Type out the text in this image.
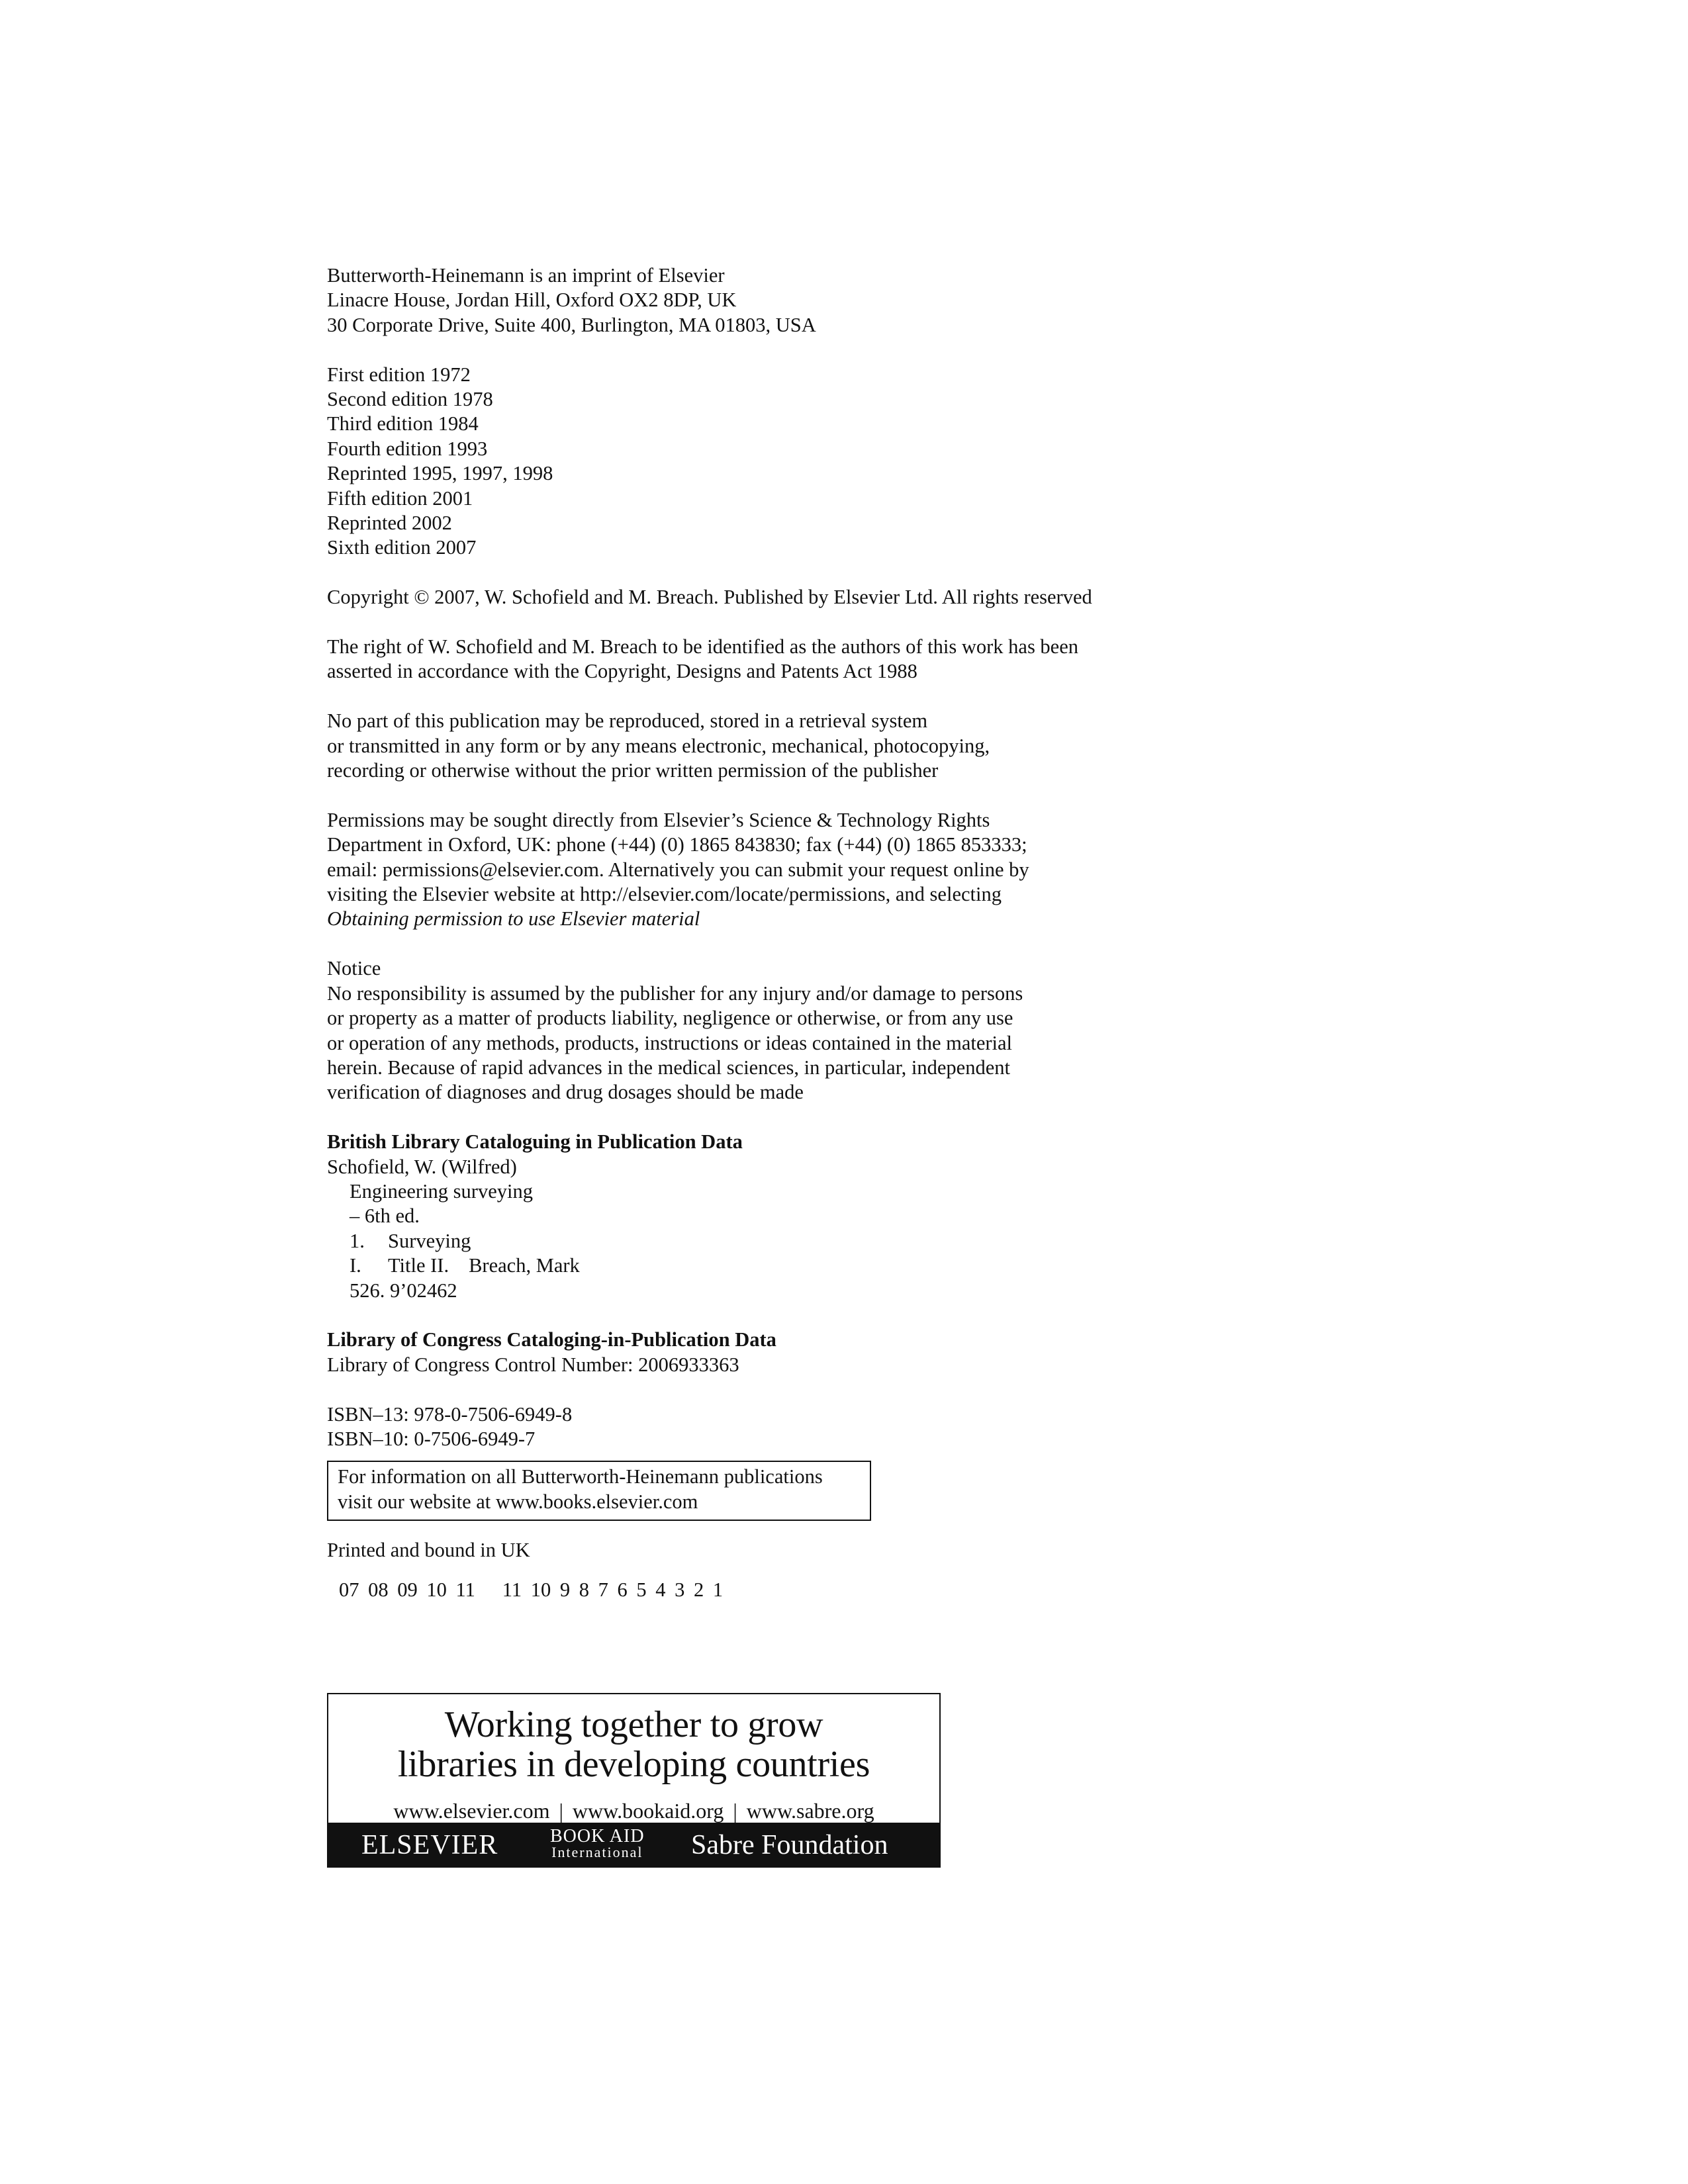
Butterworth-Heinemann is an imprint of Elsevier
Linacre House, Jordan Hill, Oxford OX2 8DP, UK
30 Corporate Drive, Suite 400, Burlington, MA 01803, USA
First edition 1972
Second edition 1978
Third edition 1984
Fourth edition 1993
Reprinted 1995, 1997, 1998
Fifth edition 2001
Reprinted 2002
Sixth edition 2007
Copyright © 2007, W. Schofield and M. Breach. Published by Elsevier Ltd. All rights reserved
The right of W. Schofield and M. Breach to be identified as the authors of this work has been
asserted in accordance with the Copyright, Designs and Patents Act 1988
No part of this publication may be reproduced, stored in a retrieval system
or transmitted in any form or by any means electronic, mechanical, photocopying,
recording or otherwise without the prior written permission of the publisher
Permissions may be sought directly from Elsevier’s Science & Technology Rights
Department in Oxford, UK: phone (+44) (0) 1865 843830; fax (+44) (0) 1865 853333;
email: permissions@elsevier.com. Alternatively you can submit your request online by
visiting the Elsevier website at http://elsevier.com/locate/permissions, and selecting
Obtaining permission to use Elsevier material
Notice
No responsibility is assumed by the publisher for any injury and/or damage to persons
or property as a matter of products liability, negligence or otherwise, or from any use
or operation of any methods, products, instructions or ideas contained in the material
herein. Because of rapid advances in the medical sciences, in particular, independent
verification of diagnoses and drug dosages should be made
British Library Cataloguing in Publication Data
Schofield, W. (Wilfred)
Engineering surveying
– 6th ed.
1. Surveying
I. Title II. Breach, Mark
526. 9’02462
Library of Congress Cataloging-in-Publication Data
Library of Congress Control Number: 2006933363
ISBN–13: 978-0-7506-6949-8
ISBN–10: 0-7506-6949-7
For information on all Butterworth-Heinemann publications
visit our website at www.books.elsevier.com
Printed and bound in UK
07 08 09 10 11   11 10 9 8 7 6 5 4 3 2 1
Working together to grow
libraries in developing countries
www.elsevier.com | www.bookaid.org | www.sabre.org
ELSEVIER	BOOK AID
International Sabre Foundation
